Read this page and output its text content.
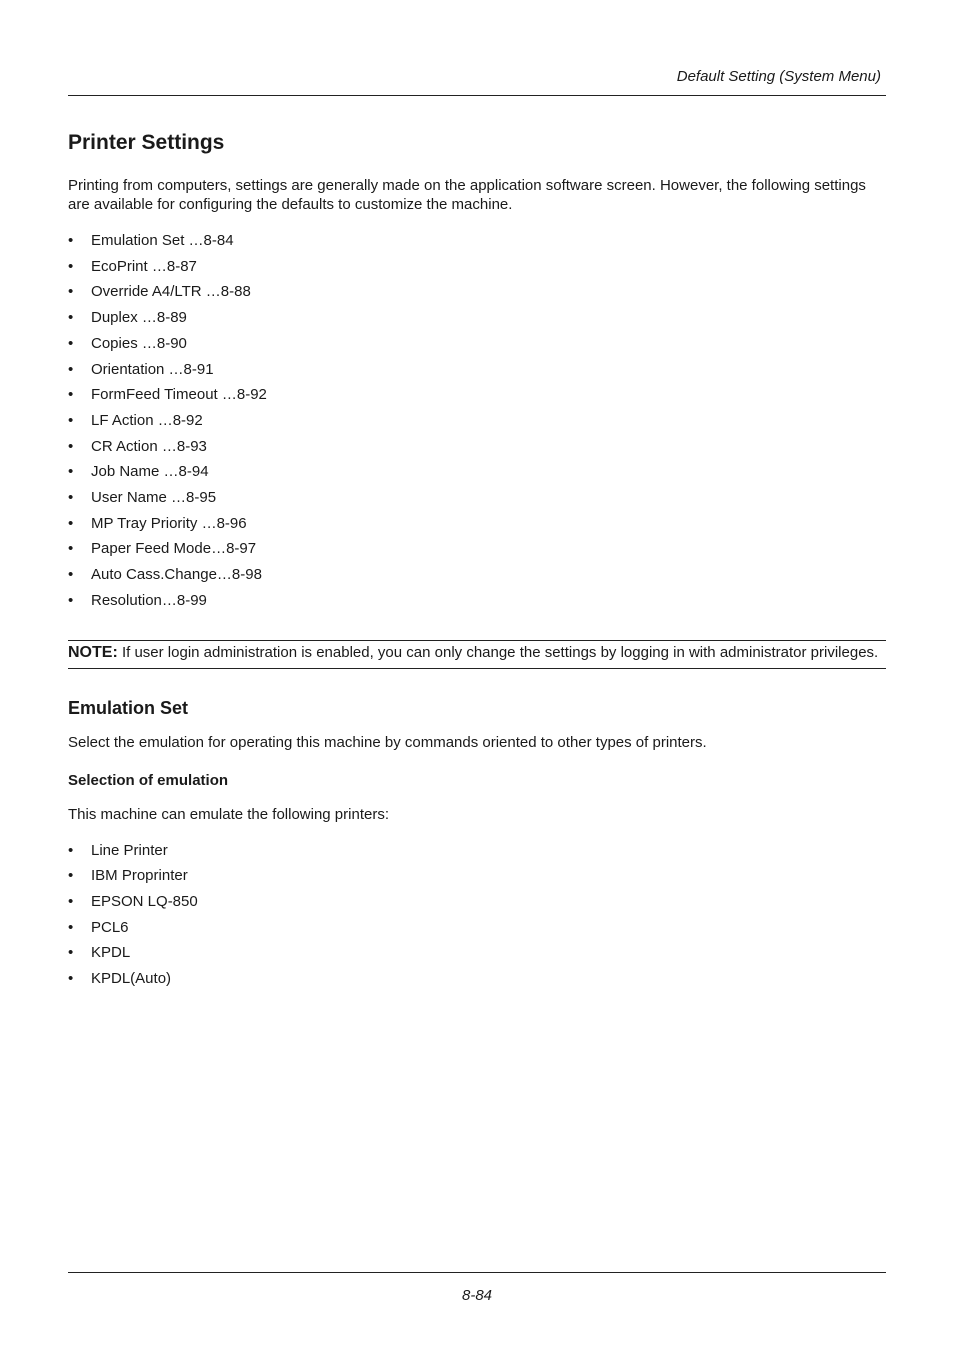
Default Setting (System Menu)

Printer Settings

Printing from computers, settings are generally made on the application software screen. However, the following settings are available for configuring the defaults to customize the machine.

• Emulation Set …8-84
• EcoPrint …8-87
• Override A4/LTR …8-88
• Duplex …8-89
• Copies …8-90
• Orientation …8-91
• FormFeed Timeout …8-92
• LF Action …8-92
• CR Action …8-93
• Job Name …8-94
• User Name …8-95
• MP Tray Priority …8-96
• Paper Feed Mode…8-97
• Auto Cass.Change…8-98
• Resolution…8-99
NOTE: If user login administration is enabled, you can only change the settings by logging in with administrator privileges.
Emulation Set

Select the emulation for operating this machine by commands oriented to other types of printers.

Selection of emulation

This machine can emulate the following printers:

• Line Printer
• IBM Proprinter
• EPSON LQ-850
• PCL6
• KPDL
• KPDL(Auto)

8-84
